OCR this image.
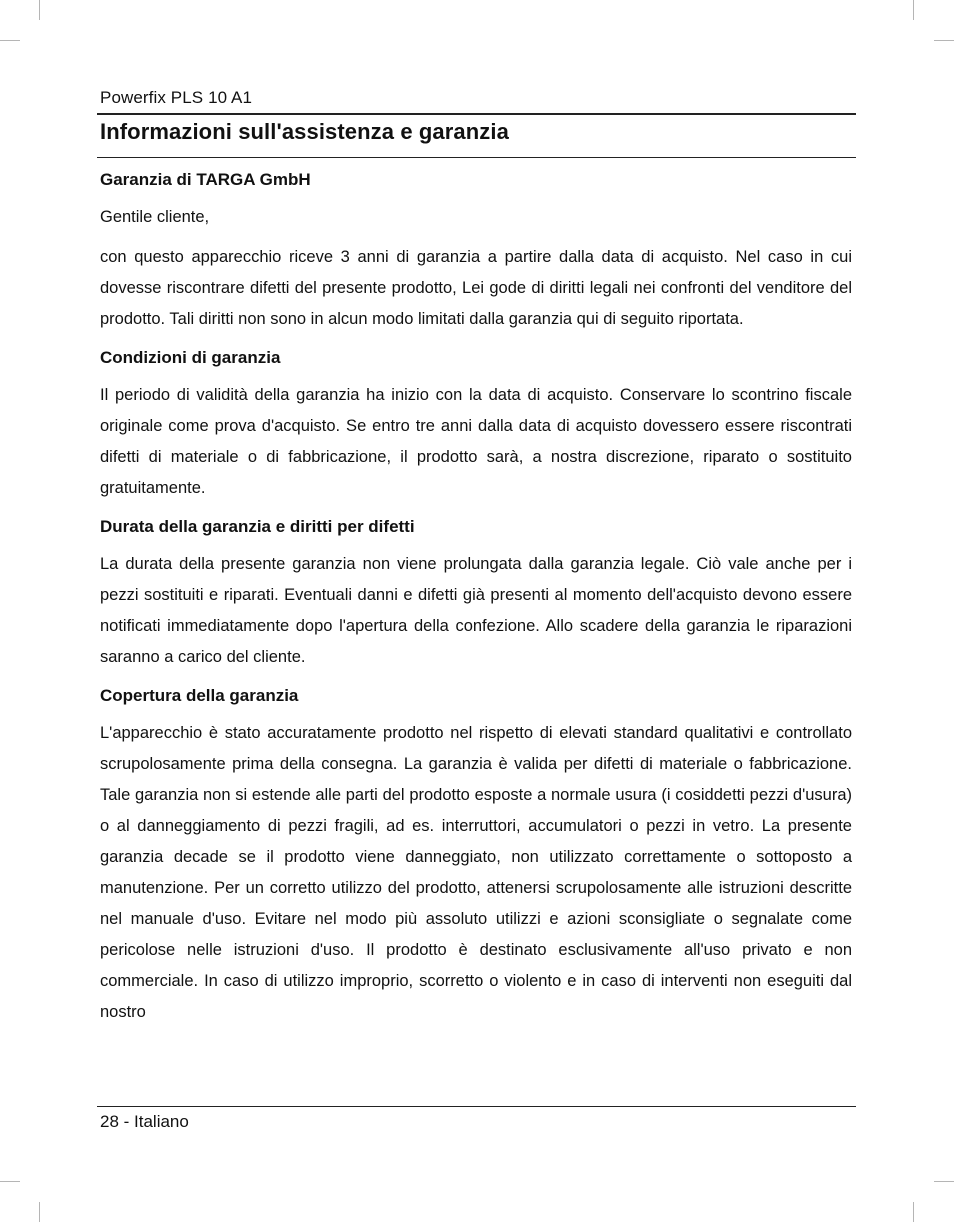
Powerfix PLS 10 A1
Informazioni sull'assistenza e garanzia
Garanzia di TARGA GmbH

Gentile cliente,

con questo apparecchio riceve 3 anni di garanzia a partire dalla data di acquisto. Nel caso in cui dovesse riscontrare difetti del presente prodotto, Lei gode di diritti legali nei confronti del venditore del prodotto. Tali diritti non sono in alcun modo limitati dalla garanzia qui di seguito riportata.

Condizioni di garanzia

Il periodo di validità della garanzia ha inizio con la data di acquisto. Conservare lo scontrino fiscale originale come prova d'acquisto. Se entro tre anni dalla data di acquisto dovessero essere riscontrati difetti di materiale o di fabbricazione, il prodotto sarà, a nostra discrezione, riparato o sostituito gratuitamente.

Durata della garanzia e diritti per difetti

La durata della presente garanzia non viene prolungata dalla garanzia legale. Ciò vale anche per i pezzi sostituiti e riparati. Eventuali danni e difetti già presenti al momento dell'acquisto devono essere notificati immediatamente dopo l'apertura della confezione. Allo scadere della garanzia le riparazioni saranno a carico del cliente.

Copertura della garanzia

L'apparecchio è stato accuratamente prodotto nel rispetto di elevati standard qualitativi e controllato scrupolosamente prima della consegna. La garanzia è valida per difetti di materiale o fabbricazione. Tale garanzia non si estende alle parti del prodotto esposte a normale usura (i cosiddetti pezzi d'usura) o al danneggiamento di pezzi fragili, ad es. interruttori, accumulatori o pezzi in vetro. La presente garanzia decade se il prodotto viene danneggiato, non utilizzato correttamente o sottoposto a manutenzione. Per un corretto utilizzo del prodotto, attenersi scrupolosamente alle istruzioni descritte nel manuale d'uso. Evitare nel modo più assoluto utilizzi e azioni sconsigliate o segnalate come pericolose nelle istruzioni d'uso. Il prodotto è destinato esclusivamente all'uso privato e non commerciale. In caso di utilizzo improprio, scorretto o violento e in caso di interventi non eseguiti dal nostro

28 - Italiano
